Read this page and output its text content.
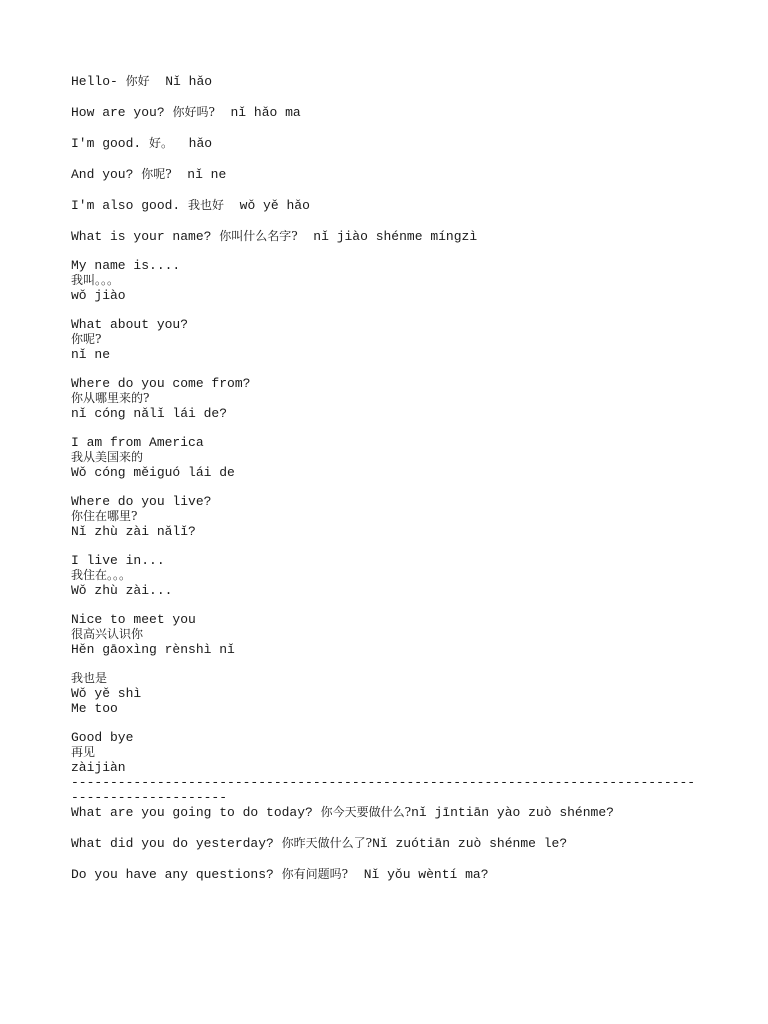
Hello- 你好 Nǐ hǎo
How are you? 你好吗? nǐ hǎo ma
I'm good. 好。 hǎo
And you? 你呢? nǐ ne
I'm also good. 我也好 wǒ yě hǎo
What is your name? 你叫什么名字? nǐ jiào shénme míngzì
My name is....
我叫。。。
wǒ jiào
What about you?
你呢?
nǐ ne
Where do you come from?
你从哪里来的?
nǐ cóng nǎlǐ lái de?
I am from America
我从美国来的
Wǒ cóng měiguó lái de
Where do you live?
你住在哪里?
Nǐ zhù zài nǎlǐ?
I live in...
我住在。。。
Wǒ zhù zài...
Nice to meet you
很高兴认识你
Hěn gāoxìng rènshì nǐ
我也是
Wǒ yě shì
Me too
Good bye
再见
zàijiàn
----------------------------------------------------------------------------------------------------
What are you going to do today? 你今天要做什么?nǐ jīntiān yào zuò shénme?
What did you do yesterday? 你昨天做什么了?Nǐ zuótiān zuò shénme le?
Do you have any questions? 你有问题吗? Nǐ yǒu wèntí ma?
